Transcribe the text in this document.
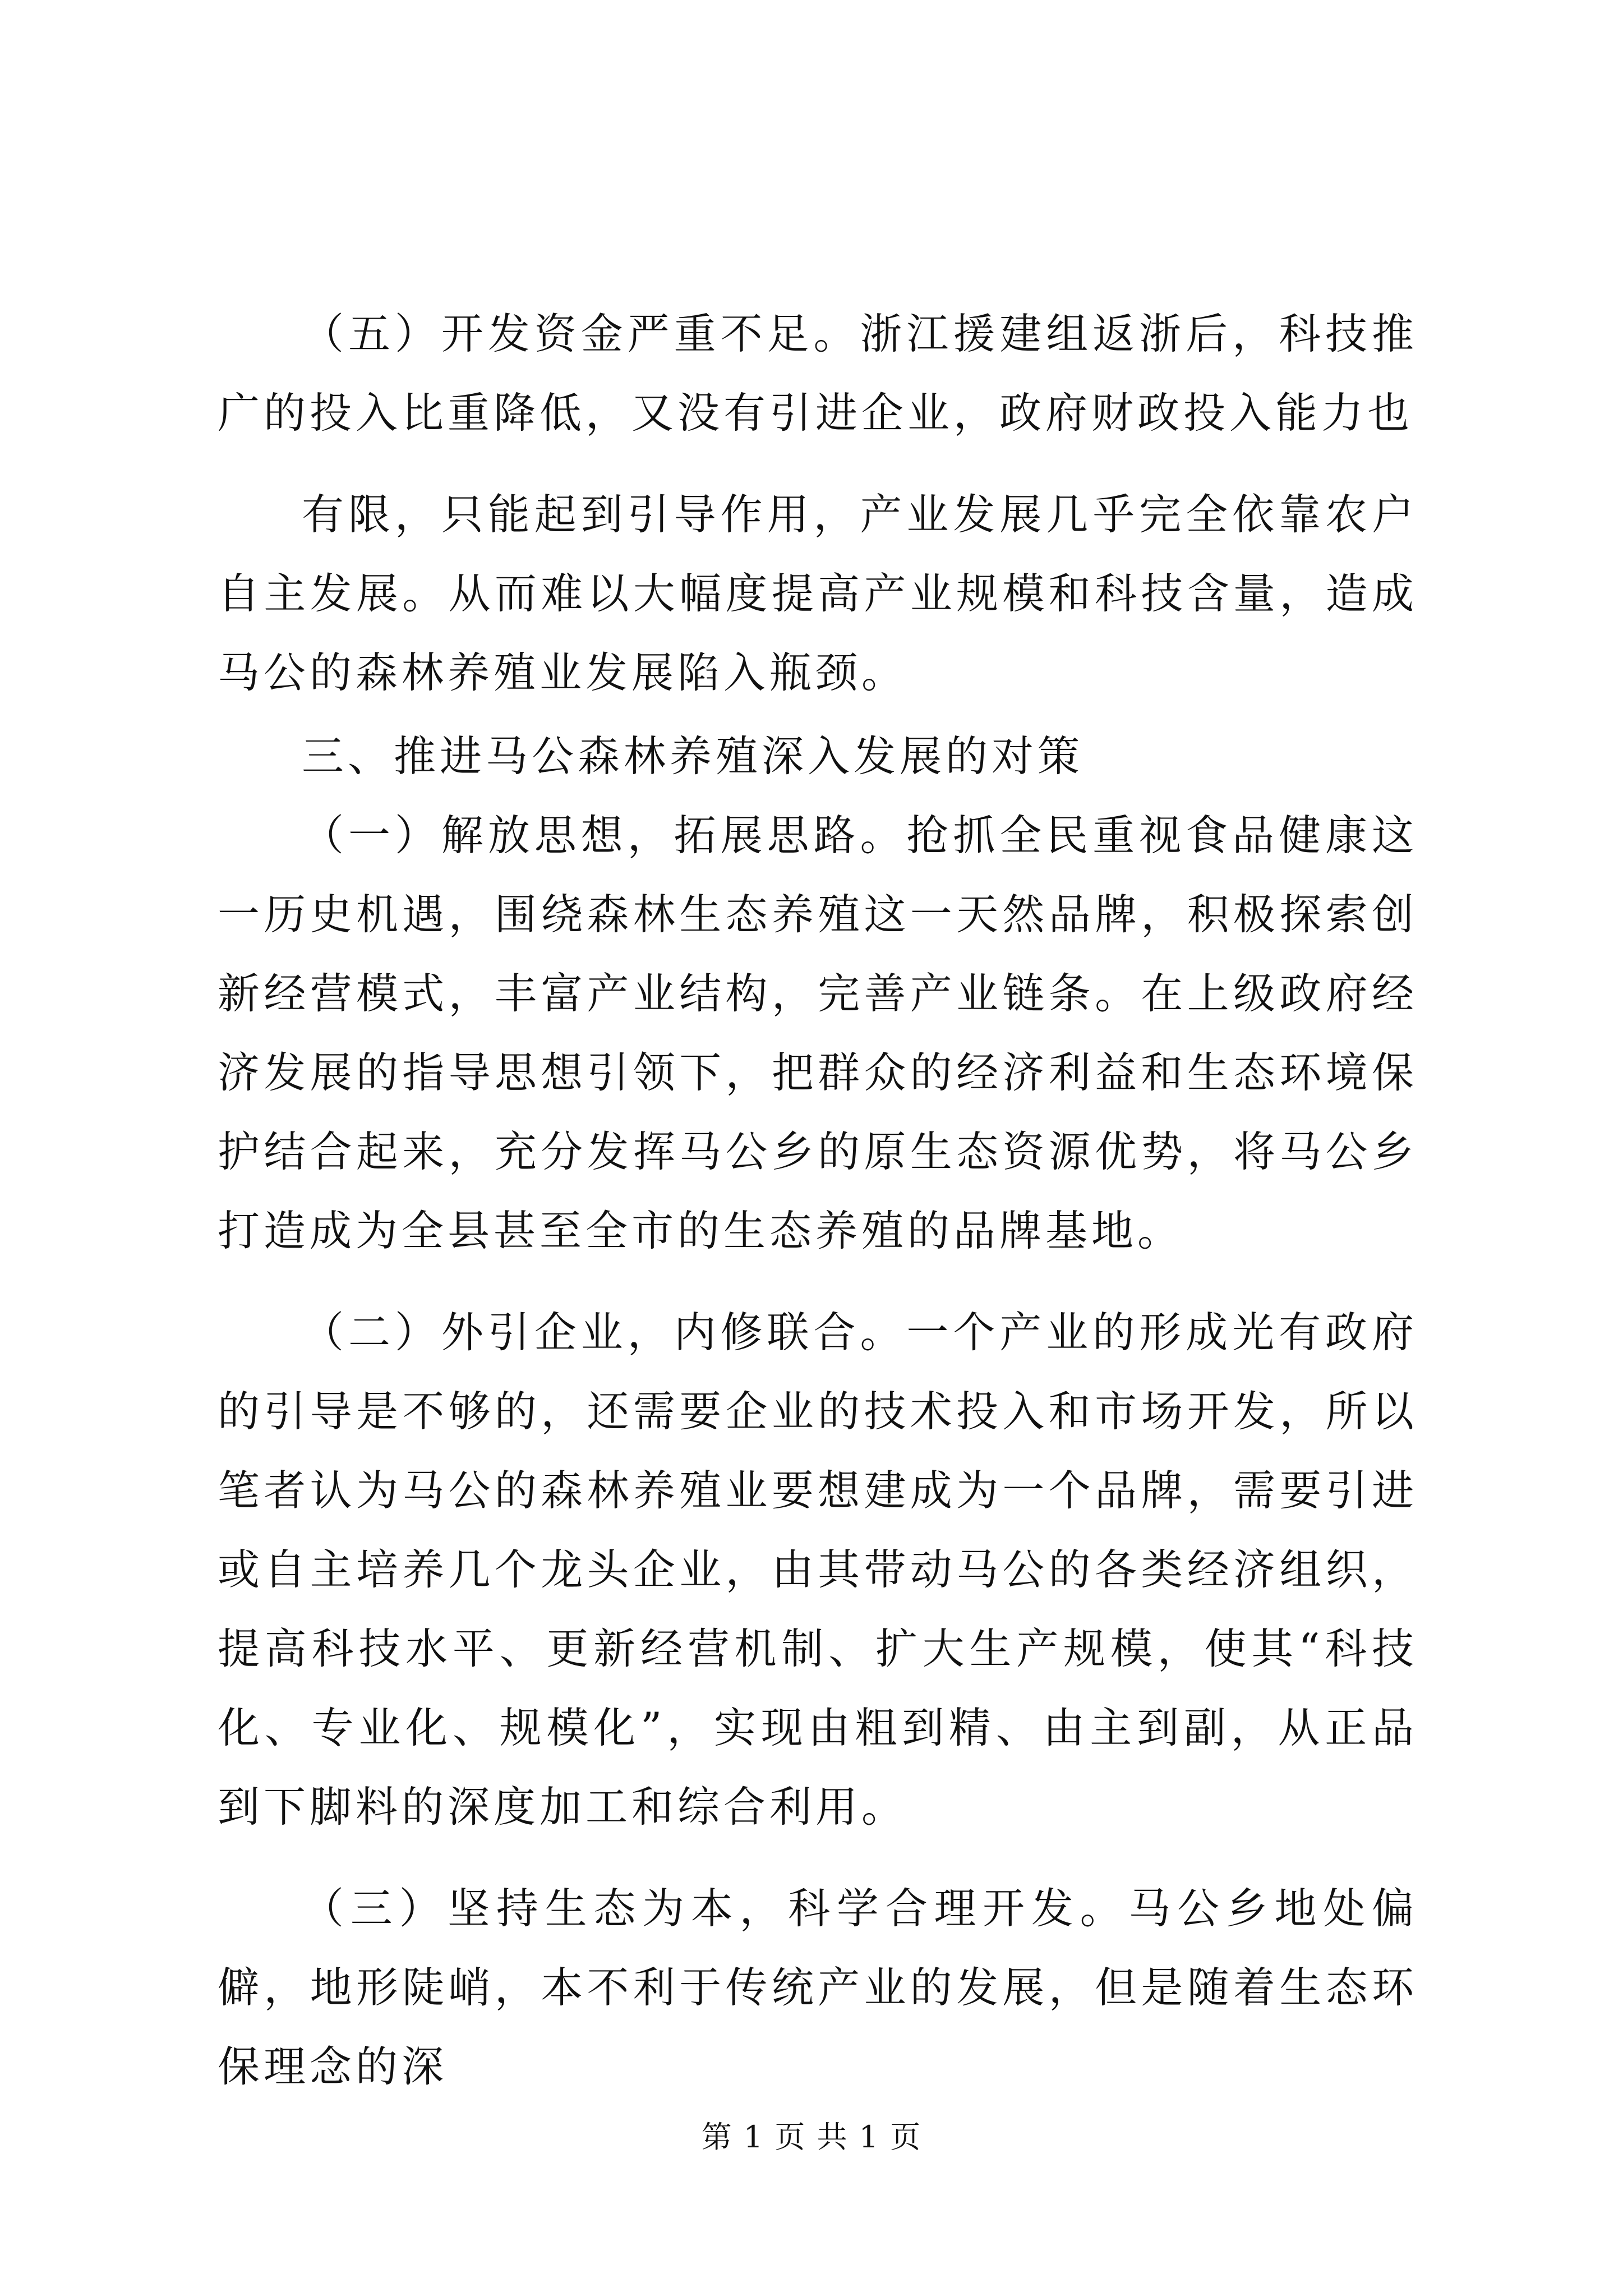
（五）开发资金严重不足。浙江援建组返浙后，科技推广的投入比重降低，又没有引进企业，政府财政投入能力也

有限，只能起到引导作用，产业发展几乎完全依靠农户自主发展。从而难以大幅度提高产业规模和科技含量，造成马公的森林养殖业发展陷入瓶颈。

三、推进马公森林养殖深入发展的对策

（一）解放思想，拓展思路。抢抓全民重视食品健康这一历史机遇，围绕森林生态养殖这一天然品牌，积极探索创新经营模式，丰富产业结构，完善产业链条。在上级政府经济发展的指导思想引领下，把群众的经济利益和生态环境保护结合起来，充分发挥马公乡的原生态资源优势，将马公乡打造成为全县甚至全市的生态养殖的品牌基地。

（二）外引企业，内修联合。一个产业的形成光有政府的引导是不够的，还需要企业的技术投入和市场开发，所以笔者认为马公的森林养殖业要想建成为一个品牌，需要引进或自主培养几个龙头企业，由其带动马公的各类经济组织，提高科技水平、更新经营机制、扩大生产规模，使其“科技化、专业化、规模化”，实现由粗到精、由主到副，从正品到下脚料的深度加工和综合利用。

（三）坚持生态为本，科学合理开发。马公乡地处偏僻，地形陡峭，本不利于传统产业的发展，但是随着生态环保理念的深

第 1 页 共 1 页
